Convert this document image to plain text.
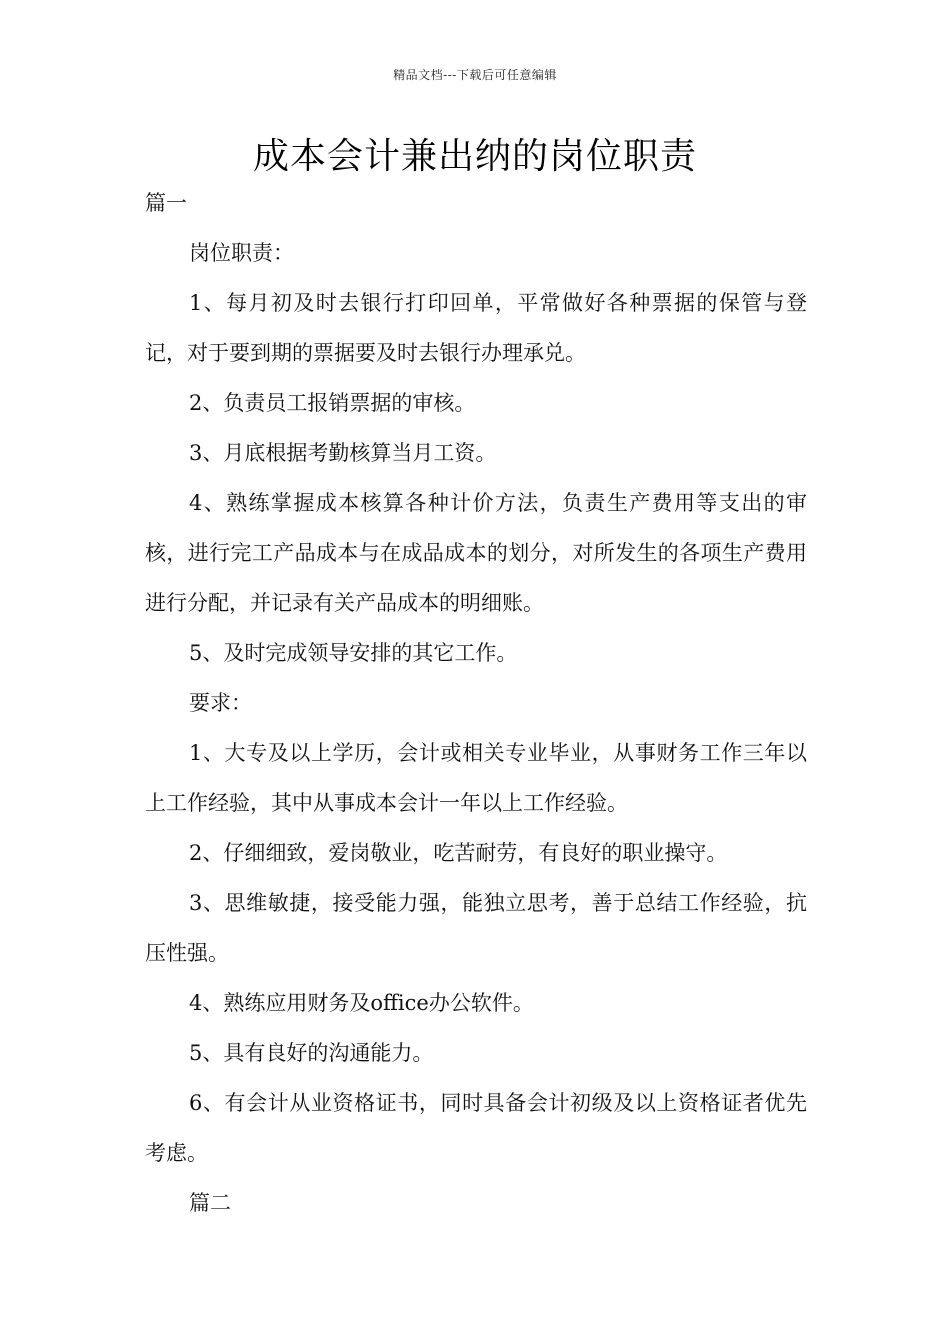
精品文档---下载后可任意编辑
成本会计兼出纳的岗位职责

篇一

岗位职责：

1、每月初及时去银行打印回单，平常做好各种票据的保管与登记，对于要到期的票据要及时去银行办理承兑。

2、负责员工报销票据的审核。

3、月底根据考勤核算当月工资。

4、熟练掌握成本核算各种计价方法，负责生产费用等支出的审核，进行完工产品成本与在成品成本的划分，对所发生的各项生产费用进行分配，并记录有关产品成本的明细账。

5、及时完成领导安排的其它工作。

要求：

1、大专及以上学历，会计或相关专业毕业，从事财务工作三年以上工作经验，其中从事成本会计一年以上工作经验。

2、仔细细致，爱岗敬业，吃苦耐劳，有良好的职业操守。

3、思维敏捷，接受能力强，能独立思考，善于总结工作经验，抗压性强。

4、熟练应用财务及office办公软件。

5、具有良好的沟通能力。

6、有会计从业资格证书，同时具备会计初级及以上资格证者优先考虑。

篇二
